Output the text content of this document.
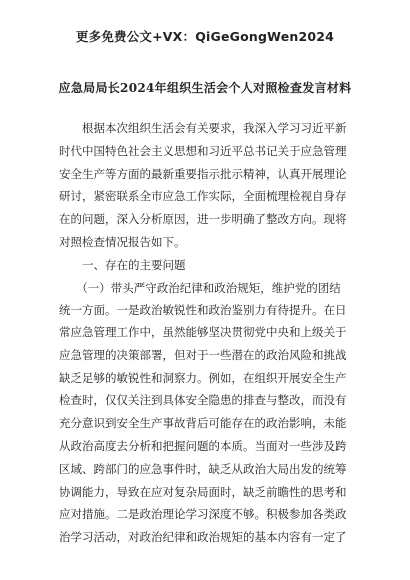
更多免费公文+VX：QiGeGongWen2024
应急局局长2024年组织生活会个人对照检查发言材料
　　根据本次组织生活会有关要求，我深入学习习近平新
时代中国特色社会主义思想和习近平总书记关于应急管理
安全生产等方面的最新重要指示批示精神，认真开展理论
研讨，紧密联系全市应急工作实际，全面梳理检视自身存
在的问题，深入分析原因，进一步明确了整改方向。现将
对照检查情况报告如下。
　　一、存在的主要问题
　　（一）带头严守政治纪律和政治规矩，维护党的团结
统一方面。一是政治敏锐性和政治鉴别力有待提升。在日
常应急管理工作中，虽然能够坚决贯彻党中央和上级关于
应急管理的决策部署，但对于一些潜在的政治风险和挑战
缺乏足够的敏锐性和洞察力。例如，在组织开展安全生产
检查时，仅仅关注到具体安全隐患的排查与整改，而没有
充分意识到安全生产事故背后可能存在的政治影响，未能
从政治高度去分析和把握问题的本质。当面对一些涉及跨
区域、跨部门的应急事件时，缺乏从政治大局出发的统筹
协调能力，导致在应对复杂局面时，缺乏前瞻性的思考和
应对措施。二是政治理论学习深度不够。积极参加各类政
治学习活动，对政治纪律和政治规矩的基本内容有一定了
